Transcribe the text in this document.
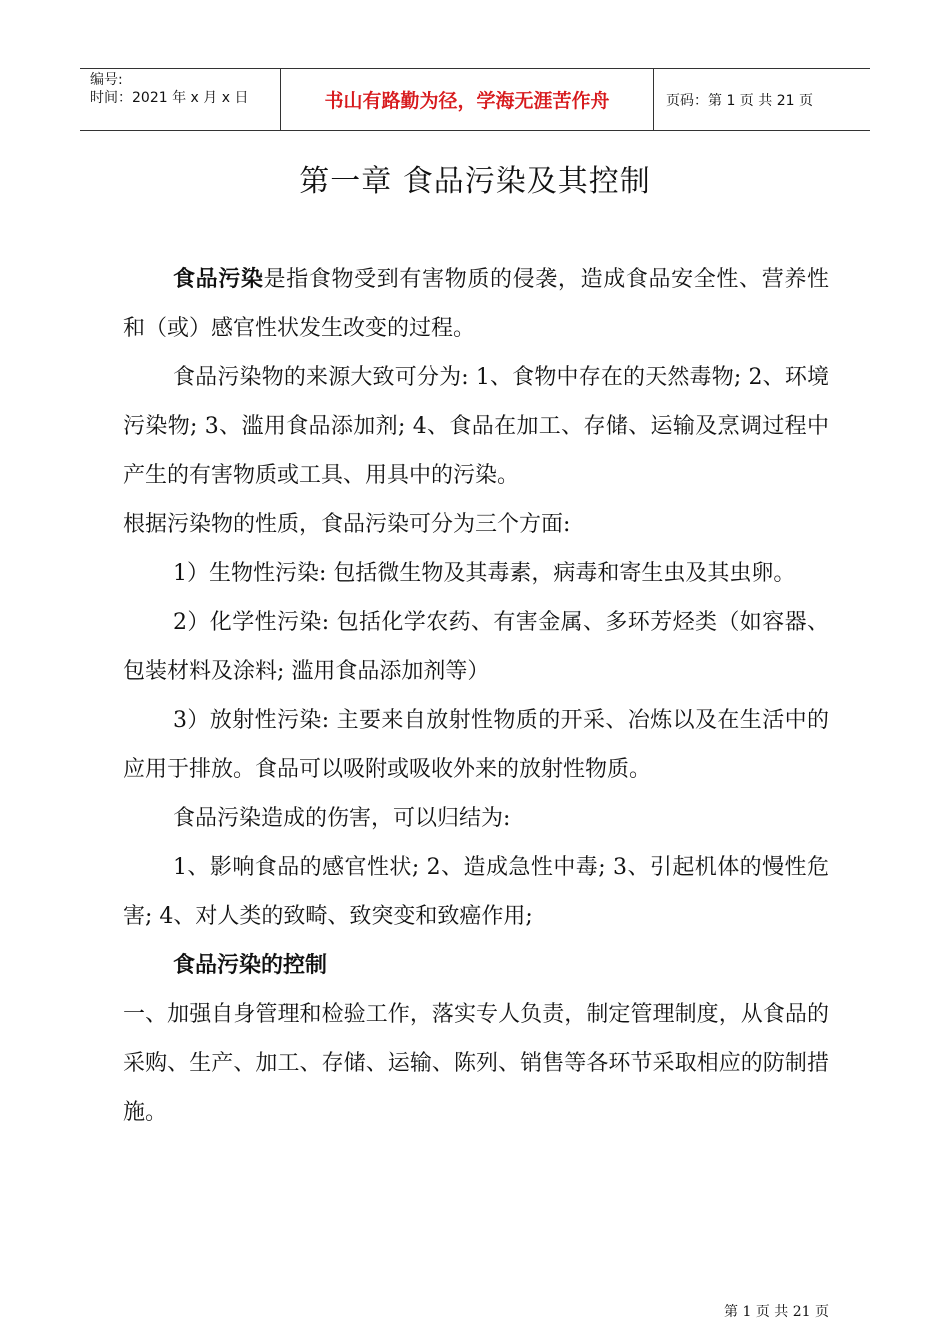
编号:
时间：2021 年 x 月 x 日	书山有路勤为径，学海无涯苦作舟	页码：第 1 页 共 21 页
第一章 食品污染及其控制

食品污染是指食物受到有害物质的侵袭，造成食品安全性、营养性和（或）感官性状发生改变的过程。

食品污染物的来源大致可分为: 1、食物中存在的天然毒物; 2、环境污染物; 3、滥用食品添加剂; 4、食品在加工、存储、运输及烹调过程中产生的有害物质或工具、用具中的污染。

根据污染物的性质，食品污染可分为三个方面:

1）生物性污染: 包括微生物及其毒素，病毒和寄生虫及其虫卵。

2）化学性污染: 包括化学农药、有害金属、多环芳烃类（如容器、包装材料及涂料; 滥用食品添加剂等）

3）放射性污染: 主要来自放射性物质的开采、冶炼以及在生活中的应用于排放。食品可以吸附或吸收外来的放射性物质。

食品污染造成的伤害，可以归结为:

1、影响食品的感官性状; 2、造成急性中毒; 3、引起机体的慢性危害; 4、对人类的致畸、致突变和致癌作用;

食品污染的控制

一、加强自身管理和检验工作，落实专人负责，制定管理制度，从食品的采购、生产、加工、存储、运输、陈列、销售等各环节采取相应的防制措施。

第 1 页 共 21 页
